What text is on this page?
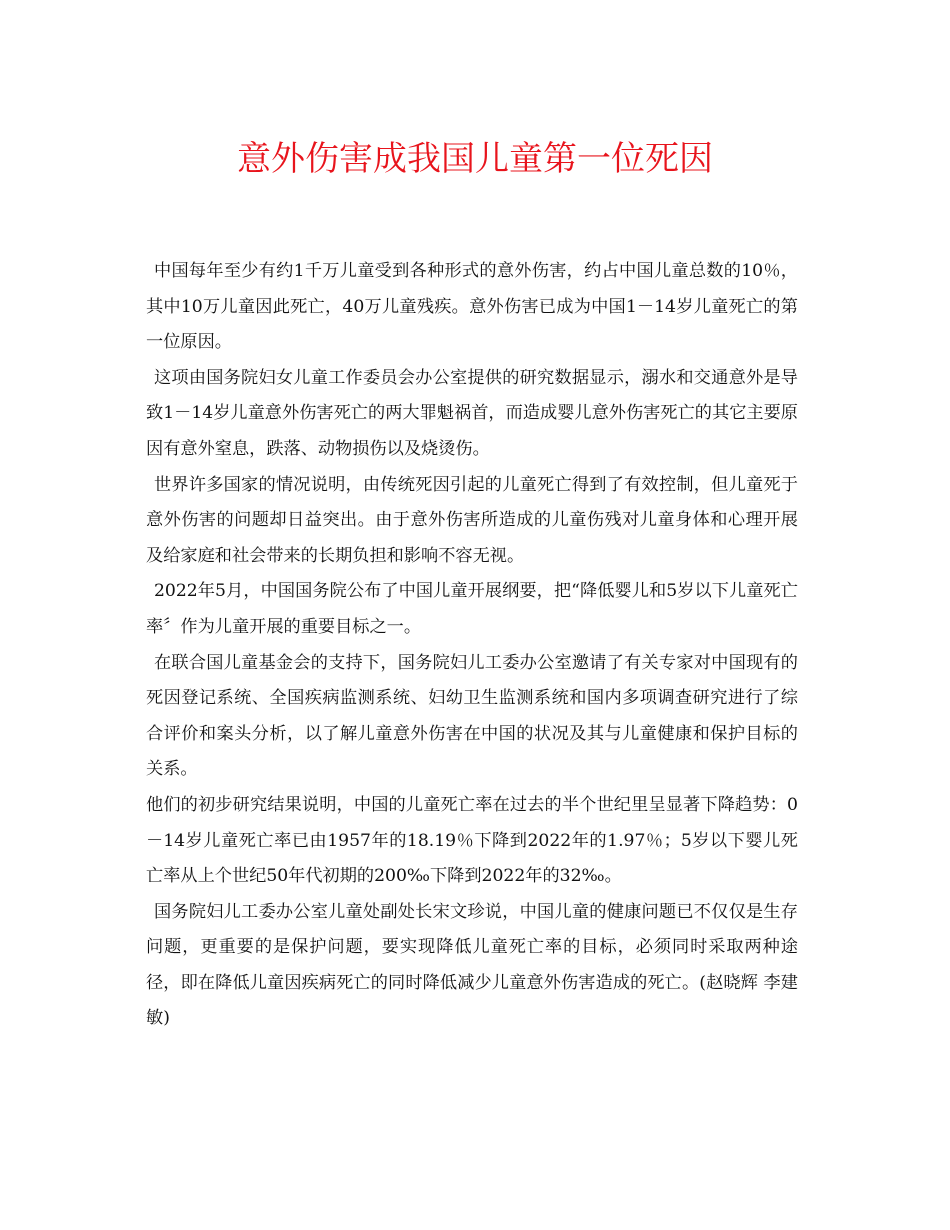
意外伤害成我国儿童第一位死因

中国每年至少有约1千万儿童受到各种形式的意外伤害，约占中国儿童总数的10％，其中10万儿童因此死亡，40万儿童残疾。意外伤害已成为中国1－14岁儿童死亡的第一位原因。

这项由国务院妇女儿童工作委员会办公室提供的研究数据显示，溺水和交通意外是导致1－14岁儿童意外伤害死亡的两大罪魁祸首，而造成婴儿意外伤害死亡的其它主要原因有意外窒息，跌落、动物损伤以及烧烫伤。

世界许多国家的情况说明，由传统死因引起的儿童死亡得到了有效控制，但儿童死于意外伤害的问题却日益突出。由于意外伤害所造成的儿童伤残对儿童身体和心理开展及给家庭和社会带来的长期负担和影响不容无视。

2022年5月，中国国务院公布了中国儿童开展纲要，把“降低婴儿和5岁以下儿童死亡率〞作为儿童开展的重要目标之一。

在联合国儿童基金会的支持下，国务院妇儿工委办公室邀请了有关专家对中国现有的死因登记系统、全国疾病监测系统、妇幼卫生监测系统和国内多项调查研究进行了综合评价和案头分析，以了解儿童意外伤害在中国的状况及其与儿童健康和保护目标的关系。

他们的初步研究结果说明，中国的儿童死亡率在过去的半个世纪里呈显著下降趋势：0－14岁儿童死亡率已由1957年的18.19％下降到2022年的1.97％；5岁以下婴儿死亡率从上个世纪50年代初期的200‰下降到2022年的32‰。

国务院妇儿工委办公室儿童处副处长宋文珍说，中国儿童的健康问题已不仅仅是生存问题，更重要的是保护问题，要实现降低儿童死亡率的目标，必须同时采取两种途径，即在降低儿童因疾病死亡的同时降低减少儿童意外伤害造成的死亡。(赵晓辉 李建敏)
